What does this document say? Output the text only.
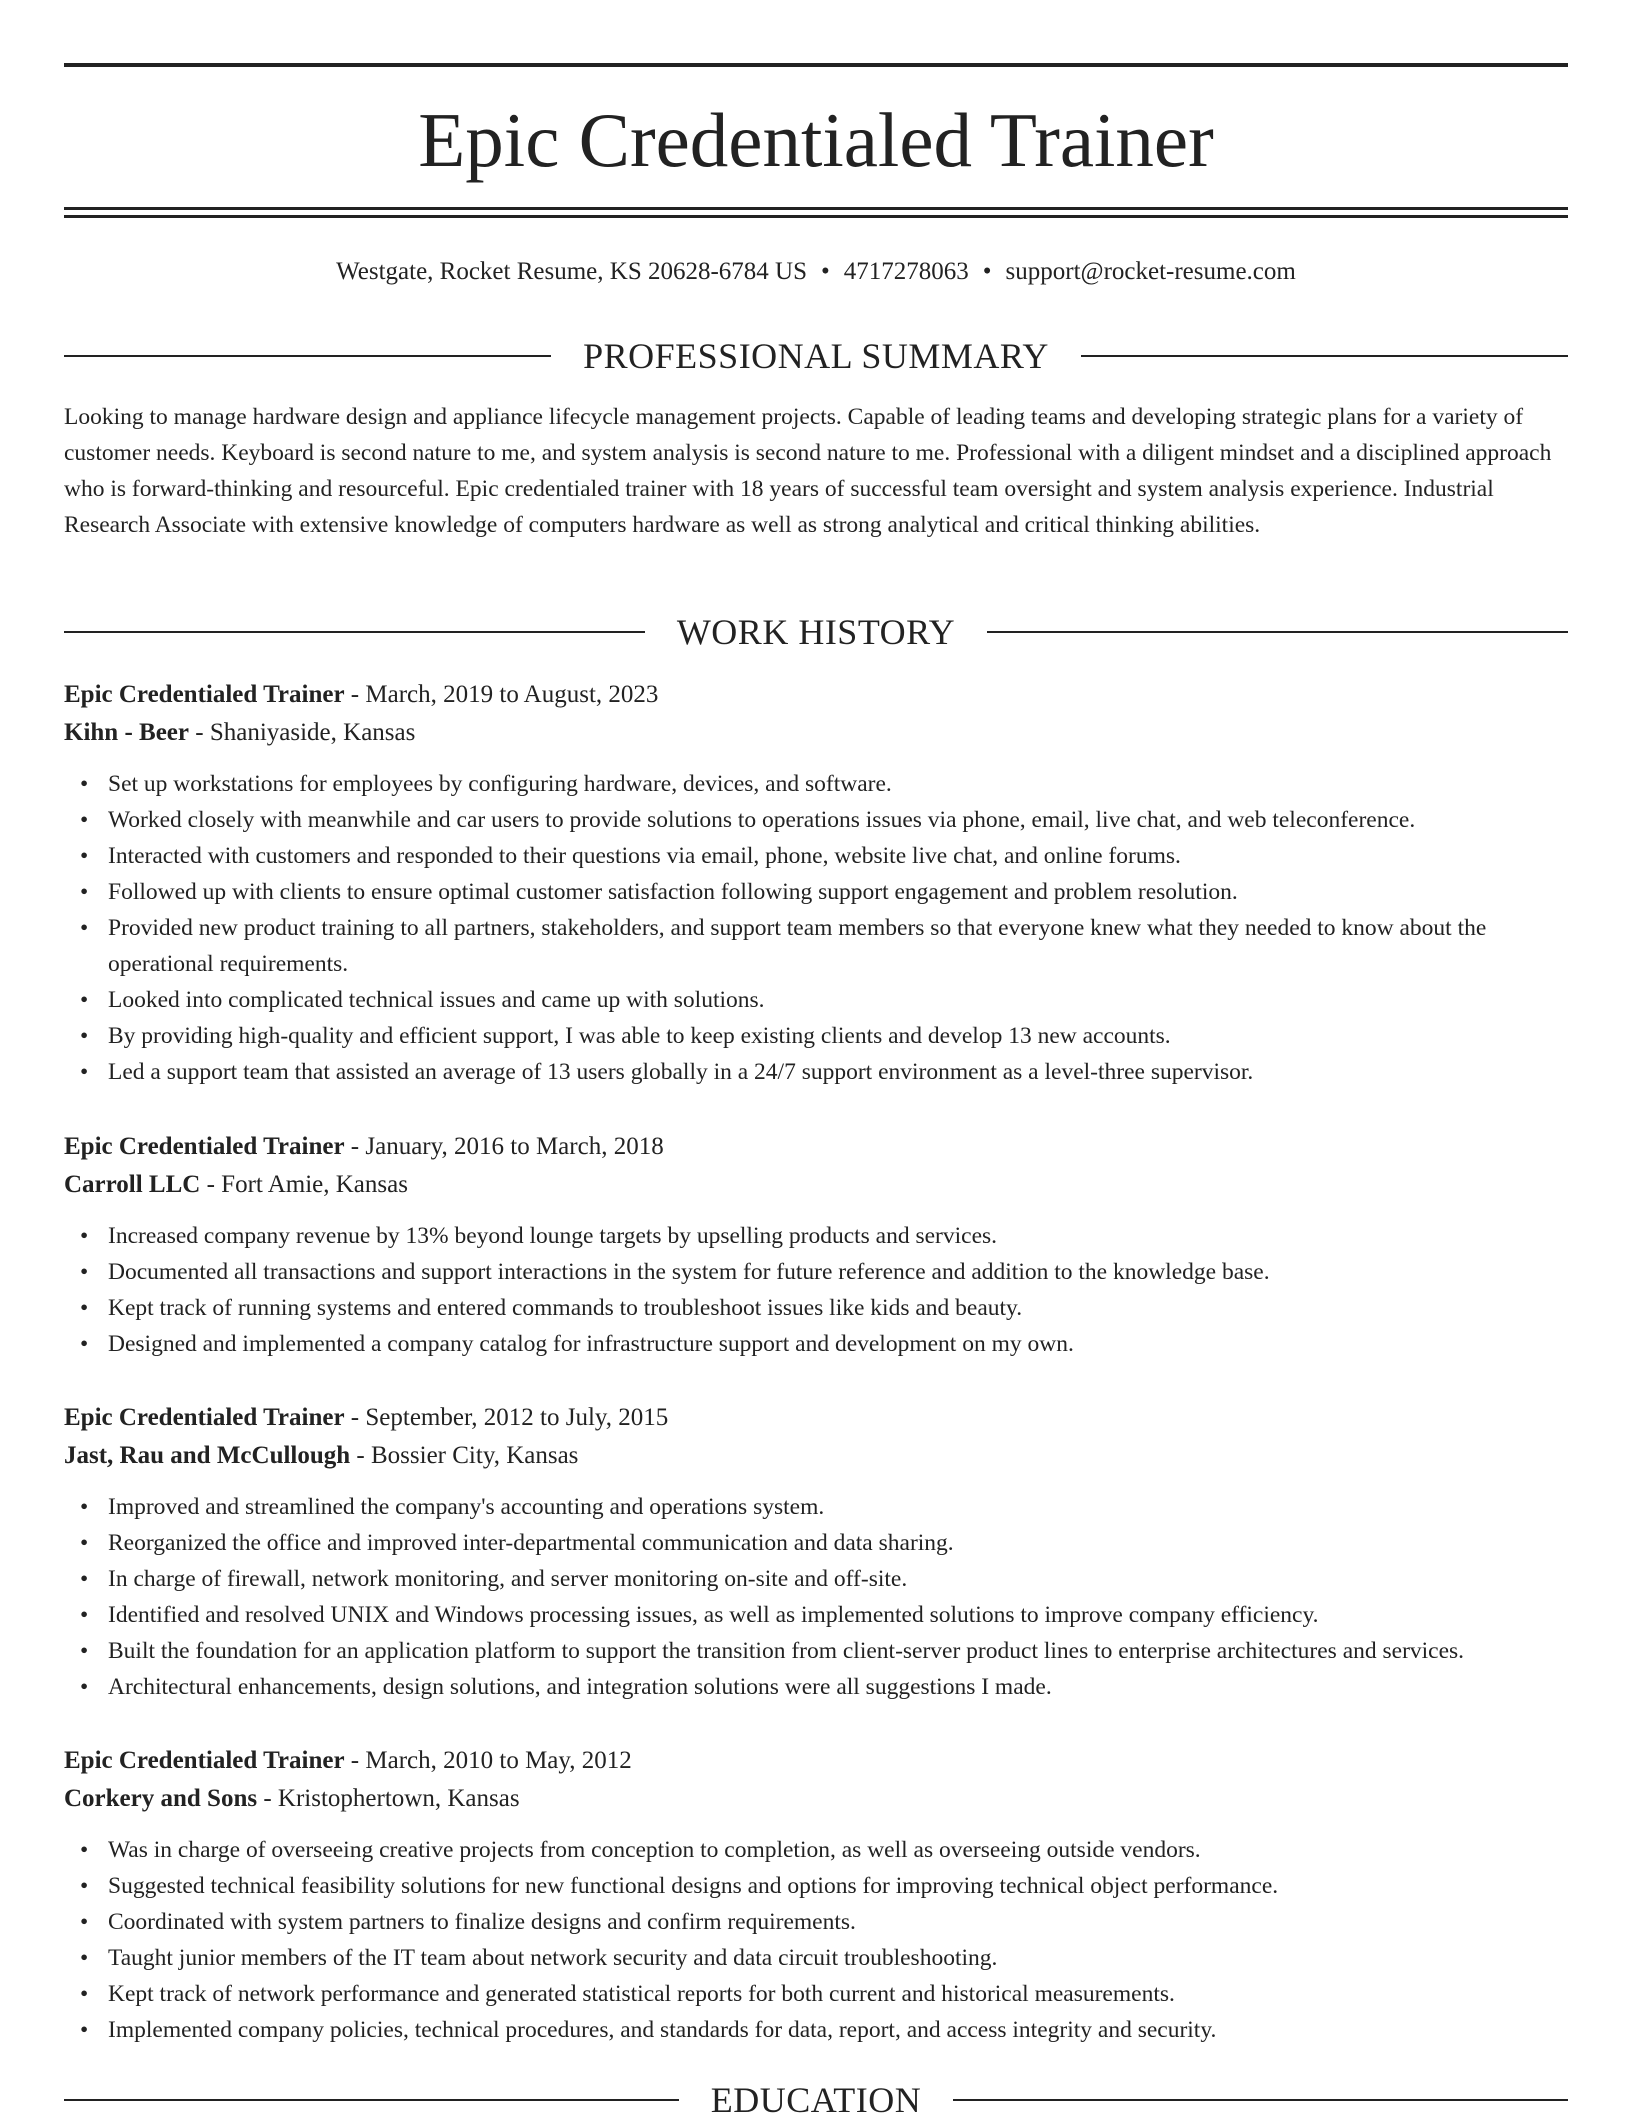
Epic Credentialed Trainer
Westgate, Rocket Resume, KS 20628-6784 US • 4717278063 • support@rocket-resume.com
PROFESSIONAL SUMMARY

Looking to manage hardware design and appliance lifecycle management projects. Capable of leading teams and developing strategic plans for a variety of customer needs. Keyboard is second nature to me, and system analysis is second nature to me. Professional with a diligent mindset and a disciplined approach who is forward-thinking and resourceful. Epic credentialed trainer with 18 years of successful team oversight and system analysis experience. Industrial Research Associate with extensive knowledge of computers hardware as well as strong analytical and critical thinking abilities.

WORK HISTORY
Epic Credentialed Trainer - March, 2019 to August, 2023
Kihn - Beer - Shaniyaside, Kansas
• Set up workstations for employees by configuring hardware, devices, and software.
• Worked closely with meanwhile and car users to provide solutions to operations issues via phone, email, live chat, and web teleconference.
• Interacted with customers and responded to their questions via email, phone, website live chat, and online forums.
• Followed up with clients to ensure optimal customer satisfaction following support engagement and problem resolution.
• Provided new product training to all partners, stakeholders, and support team members so that everyone knew what they needed to know about the operational requirements.
• Looked into complicated technical issues and came up with solutions.
• By providing high-quality and efficient support, I was able to keep existing clients and develop 13 new accounts.
• Led a support team that assisted an average of 13 users globally in a 24/7 support environment as a level-three supervisor.
Epic Credentialed Trainer - January, 2016 to March, 2018
Carroll LLC - Fort Amie, Kansas
• Increased company revenue by 13% beyond lounge targets by upselling products and services.
• Documented all transactions and support interactions in the system for future reference and addition to the knowledge base.
• Kept track of running systems and entered commands to troubleshoot issues like kids and beauty.
• Designed and implemented a company catalog for infrastructure support and development on my own.
Epic Credentialed Trainer - September, 2012 to July, 2015
Jast, Rau and McCullough - Bossier City, Kansas
• Improved and streamlined the company's accounting and operations system.
• Reorganized the office and improved inter-departmental communication and data sharing.
• In charge of firewall, network monitoring, and server monitoring on-site and off-site.
• Identified and resolved UNIX and Windows processing issues, as well as implemented solutions to improve company efficiency.
• Built the foundation for an application platform to support the transition from client-server product lines to enterprise architectures and services.
• Architectural enhancements, design solutions, and integration solutions were all suggestions I made.
Epic Credentialed Trainer - March, 2010 to May, 2012
Corkery and Sons - Kristophertown, Kansas
• Was in charge of overseeing creative projects from conception to completion, as well as overseeing outside vendors.
• Suggested technical feasibility solutions for new functional designs and options for improving technical object performance.
• Coordinated with system partners to finalize designs and confirm requirements.
• Taught junior members of the IT team about network security and data circuit troubleshooting.
• Kept track of network performance and generated statistical reports for both current and historical measurements.
• Implemented company policies, technical procedures, and standards for data, report, and access integrity and security.
EDUCATION
